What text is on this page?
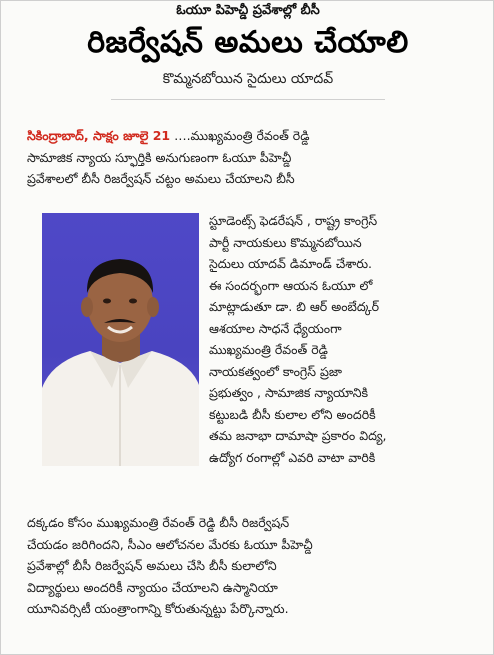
ఓయూ పిహెచ్డీ ప్రవేశాల్లో బీసీ
రిజర్వేషన్ అమలు చేయాలి
కొమ్మనబోయిన సైదులు యాదవ్
సికింద్రాబాద్, సాక్షం జూలై 21 ….ముఖ్యమంత్రి రేవంత్ రెడ్డి
సామాజిక న్యాయ స్ఫూర్తికి అనుగుణంగా ఓయూ పీహెచ్డీ
ప్రవేశాలలో బీసీ రిజర్వేషన్ చట్టం అమలు చేయాలని బీసీ
స్టూడెంట్స్ ఫెడరేషన్ , రాష్ట్ర కాంగ్రెస్
పార్టీ నాయకులు కొమ్మనబోయిన
సైదులు యాదవ్ డిమాండ్ చేశారు.
ఈ సందర్భంగా ఆయన ఓయూ లో
మాట్లాడుతూ డా. బి ఆర్ అంబేద్కర్
ఆశయాల సాధనే ధ్యేయంగా
ముఖ్యమంత్రి రేవంత్ రెడ్డి
నాయకత్వంలో కాంగ్రెస్ ప్రజా
ప్రభుత్వం , సామాజిక న్యాయానికి
కట్టుబడి బీసీ కులాల లోని అందరికీ
తమ జనాభా దామాషా ప్రకారం విద్య,
ఉద్యోగ రంగాల్లో ఎవరి వాటా వారికి
దక్కడం కోసం ముఖ్యమంత్రి రేవంత్ రెడ్డి బీసీ రిజర్వేషన్
చేయడం జరిగిందని, సీఎం ఆలోచనల మేరకు ఓయూ పీహెచ్డీ
ప్రవేశాల్లో బీసీ రిజర్వేషన్ అమలు చేసి బీసీ కులాలోని
విద్యార్థులు అందరికీ న్యాయం చేయాలని ఉస్మానియా
యూనివర్సిటీ యంత్రాంగాన్ని కోరుతున్నట్టు పేర్కొన్నారు.
